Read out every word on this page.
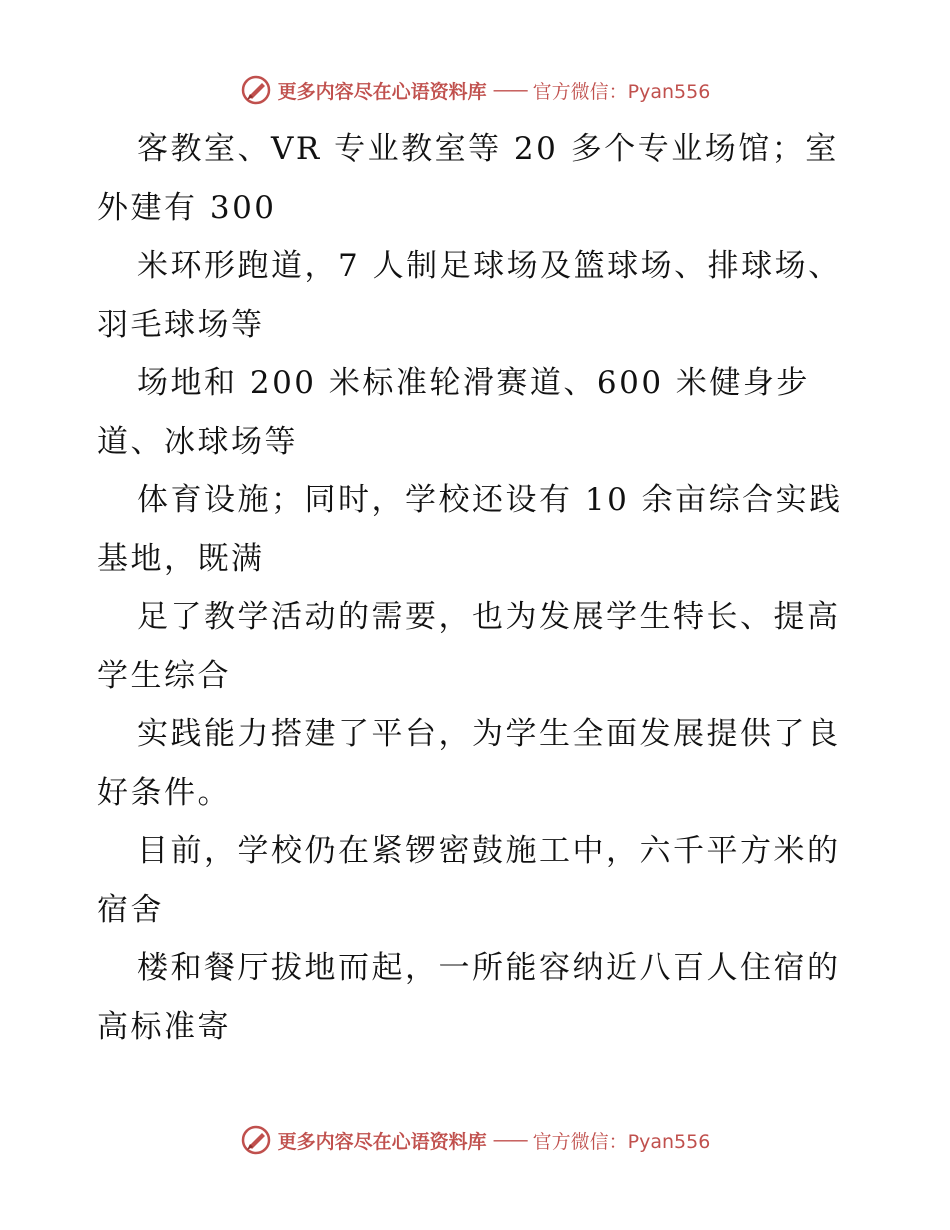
更多内容尽在心语资料库 —— 官方微信：Pyan556
客教室、VR 专业教室等 20 多个专业场馆；室
外建有 300
米环形跑道，7 人制足球场及篮球场、排球场、
羽毛球场等
场地和 200 米标准轮滑赛道、600 米健身步
道、冰球场等
体育设施；同时，学校还设有 10 余亩综合实践
基地，既满
足了教学活动的需要，也为发展学生特长、提高
学生综合
实践能力搭建了平台，为学生全面发展提供了良
好条件。
目前，学校仍在紧锣密鼓施工中，六千平方米的
宿舍
楼和餐厅拔地而起，一所能容纳近八百人住宿的
高标准寄
更多内容尽在心语资料库 —— 官方微信：Pyan556
